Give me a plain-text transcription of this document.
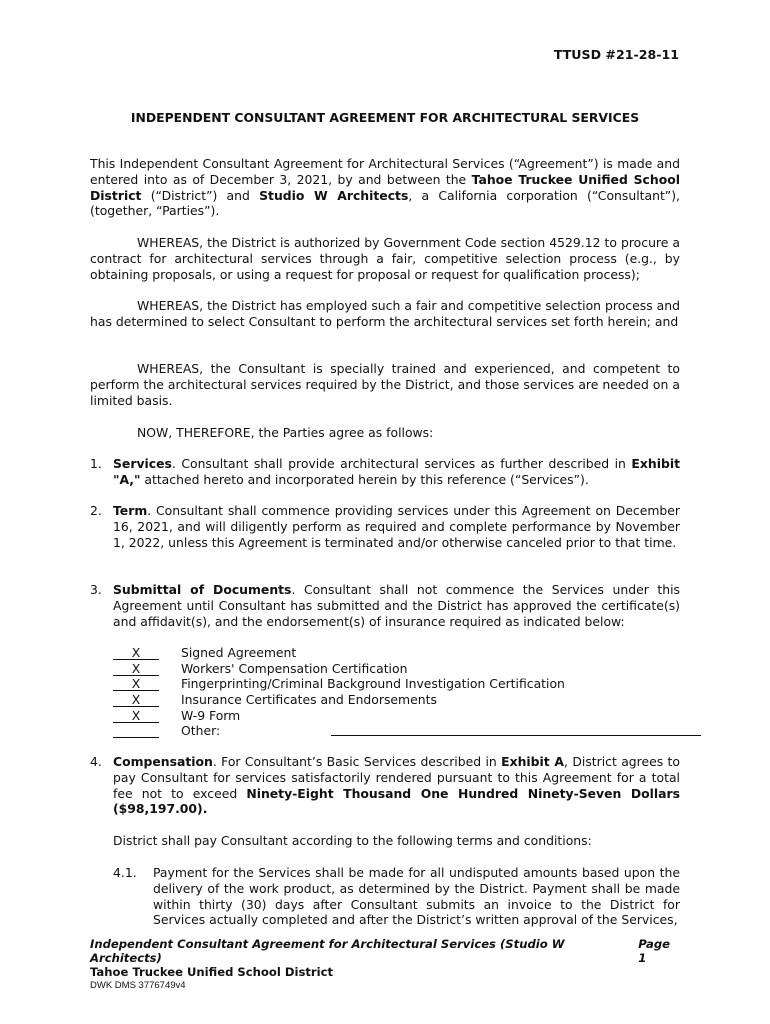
TTUSD #21-28-11
INDEPENDENT CONSULTANT AGREEMENT FOR ARCHITECTURAL SERVICES

This Independent Consultant Agreement for Architectural Services (“Agreement”) is made and entered into as of December 3, 2021, by and between the Tahoe Truckee Unified School District (“District”) and Studio W Architects, a California corporation (“Consultant”), (together, “Parties”).

WHEREAS, the District is authorized by Government Code section 4529.12 to procure a contract for architectural services through a fair, competitive selection process (e.g., by obtaining proposals, or using a request for proposal or request for qualification process);

WHEREAS, the District has employed such a fair and competitive selection process and has determined to select Consultant to perform the architectural services set forth herein; and

WHEREAS, the Consultant is specially trained and experienced, and competent to perform the architectural services required by the District, and those services are needed on a limited basis.

NOW, THEREFORE, the Parties agree as follows:

1. Services. Consultant shall provide architectural services as further described in Exhibit "A," attached hereto and incorporated herein by this reference (“Services”).
2. Term. Consultant shall commence providing services under this Agreement on December 16, 2021, and will diligently perform as required and complete performance by November 1, 2022, unless this Agreement is terminated and/or otherwise canceled prior to that time.
3. Submittal of Documents. Consultant shall not commence the Services under this Agreement until Consultant has submitted and the District has approved the certificate(s) and affidavit(s), and the endorsement(s) of insurance required as indicated below:
X	Signed Agreement
X	Workers' Compensation Certification
X	Fingerprinting/Criminal Background Investigation Certification
X	Insurance Certificates and Endorsements
X	W-9 Form
Other:
4. Compensation. For Consultant’s Basic Services described in Exhibit A, District agrees to pay Consultant for services satisfactorily rendered pursuant to this Agreement for a total fee not to exceed Ninety-Eight Thousand One Hundred Ninety-Seven Dollars ($98,197.00).
District shall pay Consultant according to the following terms and conditions:
4.1. Payment for the Services shall be made for all undisputed amounts based upon the delivery of the work product, as determined by the District. Payment shall be made within thirty (30) days after Consultant submits an invoice to the District for Services actually completed and after the District’s written approval of the Services,
Independent Consultant Agreement for Architectural Services (Studio W Architects)
Page 1
Tahoe Truckee Unified School District
DWK DMS 3776749v4
